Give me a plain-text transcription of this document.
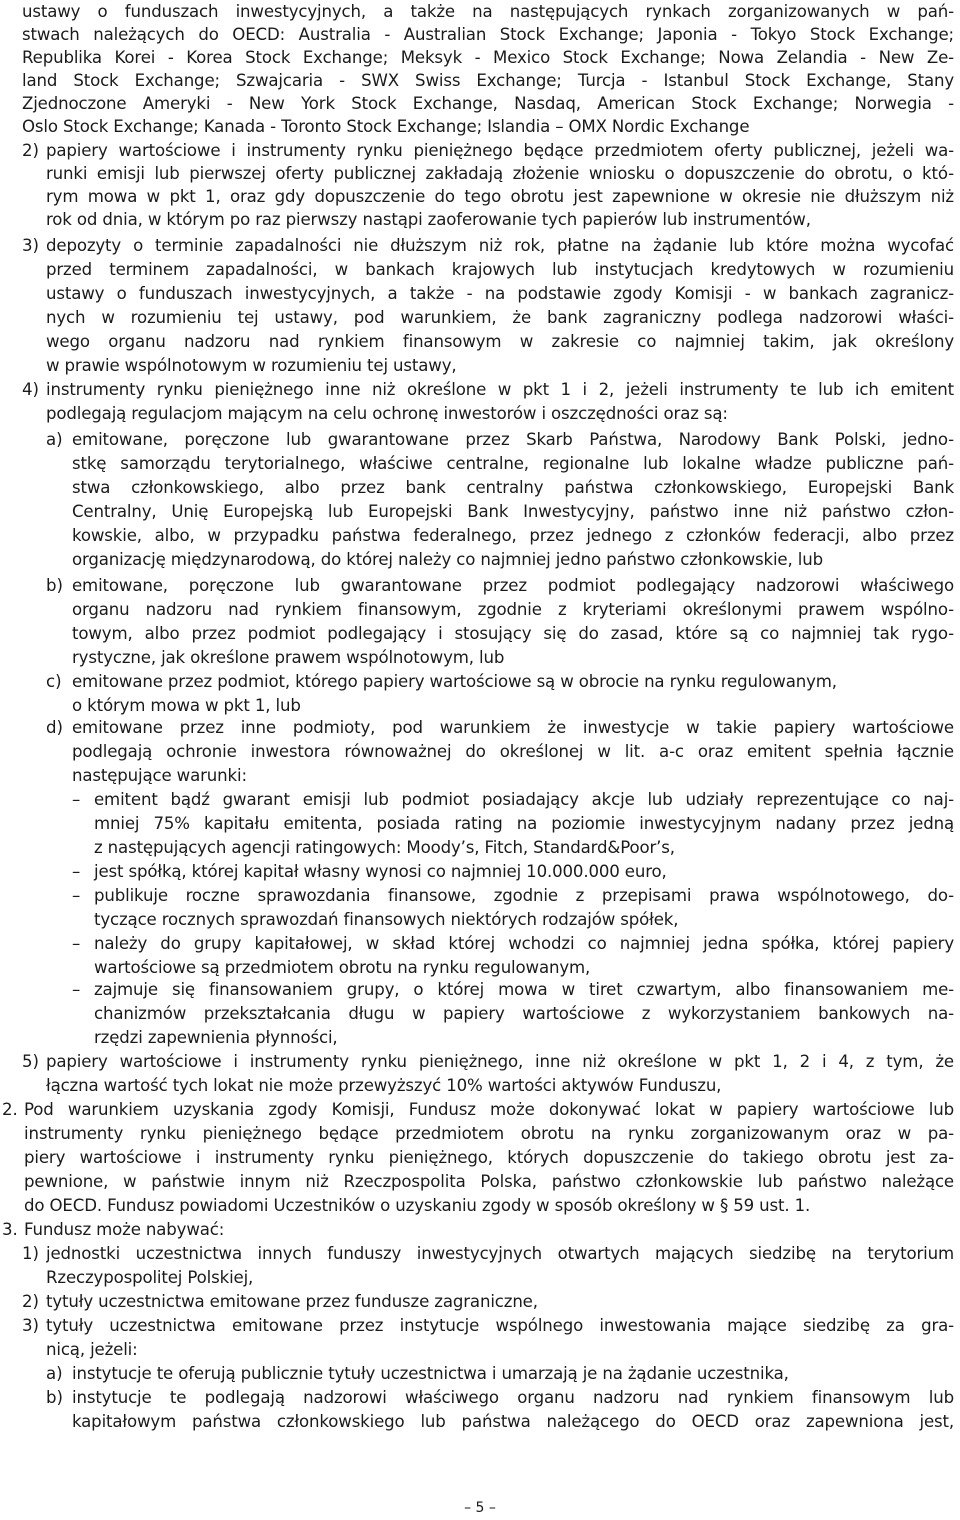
ustawy o funduszach inwestycyjnych, a także na następujących rynkach zorganizowanych w pań-
stwach należących do OECD: Australia - Australian Stock Exchange; Japonia - Tokyo Stock Exchange;
Republika Korei - Korea Stock Exchange; Meksyk - Mexico Stock Exchange; Nowa Zelandia - New Ze-
land Stock Exchange; Szwajcaria - SWX Swiss Exchange; Turcja - Istanbul Stock Exchange, Stany
Zjednoczone Ameryki - New York Stock Exchange, Nasdaq, American Stock Exchange; Norwegia -
Oslo Stock Exchange; Kanada - Toronto Stock Exchange; Islandia – OMX Nordic Exchange
2) papiery wartościowe i instrumenty rynku pieniężnego będące przedmiotem oferty publicznej, jeżeli wa-
runki emisji lub pierwszej oferty publicznej zakładają złożenie wniosku o dopuszczenie do obrotu, o któ-
rym mowa w pkt 1, oraz gdy dopuszczenie do tego obrotu jest zapewnione w okresie nie dłuższym niż
rok od dnia, w którym po raz pierwszy nastąpi zaoferowanie tych papierów lub instrumentów,
3) depozyty o terminie zapadalności nie dłuższym niż rok, płatne na żądanie lub które można wycofać
przed terminem zapadalności, w bankach krajowych lub instytucjach kredytowych w rozumieniu
ustawy o funduszach inwestycyjnych, a także - na podstawie zgody Komisji - w bankach zagranicz-
nych w rozumieniu tej ustawy, pod warunkiem, że bank zagraniczny podlega nadzorowi właści-
wego organu nadzoru nad rynkiem finansowym w zakresie co najmniej takim, jak określony
w prawie wspólnotowym w rozumieniu tej ustawy,
4) instrumenty rynku pieniężnego inne niż określone w pkt 1 i 2, jeżeli instrumenty te lub ich emitent
podlegają regulacjom mającym na celu ochronę inwestorów i oszczędności oraz są:
a) emitowane, poręczone lub gwarantowane przez Skarb Państwa, Narodowy Bank Polski, jedno-
stkę samorządu terytorialnego, właściwe centralne, regionalne lub lokalne władze publiczne pań-
stwa członkowskiego, albo przez bank centralny państwa członkowskiego, Europejski Bank
Centralny, Unię Europejską lub Europejski Bank Inwestycyjny, państwo inne niż państwo człon-
kowskie, albo, w przypadku państwa federalnego, przez jednego z członków federacji, albo przez
organizację międzynarodową, do której należy co najmniej jedno państwo członkowskie, lub
b) emitowane, poręczone lub gwarantowane przez podmiot podlegający nadzorowi właściwego
organu nadzoru nad rynkiem finansowym, zgodnie z kryteriami określonymi prawem wspólno-
towym, albo przez podmiot podlegający i stosujący się do zasad, które są co najmniej tak rygo-
rystyczne, jak określone prawem wspólnotowym, lub
c) emitowane przez podmiot, którego papiery wartościowe są w obrocie na rynku regulowanym,
o którym mowa w pkt 1, lub
d) emitowane przez inne podmioty, pod warunkiem że inwestycje w takie papiery wartościowe
podlegają ochronie inwestora równoważnej do określonej w lit. a-c oraz emitent spełnia łącznie
następujące warunki:
– emitent bądź gwarant emisji lub podmiot posiadający akcje lub udziały reprezentujące co naj-
mniej 75% kapitału emitenta, posiada rating na poziomie inwestycyjnym nadany przez jedną
z następujących agencji ratingowych: Moody’s, Fitch, Standard&Poor’s,
– jest spółką, której kapitał własny wynosi co najmniej 10.000.000 euro,
– publikuje roczne sprawozdania finansowe, zgodnie z przepisami prawa wspólnotowego, do-
tyczące rocznych sprawozdań finansowych niektórych rodzajów spółek,
– należy do grupy kapitałowej, w skład której wchodzi co najmniej jedna spółka, której papiery
wartościowe są przedmiotem obrotu na rynku regulowanym,
– zajmuje się finansowaniem grupy, o której mowa w tiret czwartym, albo finansowaniem me-
chanizmów przekształcania długu w papiery wartościowe z wykorzystaniem bankowych na-
rzędzi zapewnienia płynności,
5) papiery wartościowe i instrumenty rynku pieniężnego, inne niż określone w pkt 1, 2 i 4, z tym, że
łączna wartość tych lokat nie może przewyższyć 10% wartości aktywów Funduszu,
2. Pod warunkiem uzyskania zgody Komisji, Fundusz może dokonywać lokat w papiery wartościowe lub
instrumenty rynku pieniężnego będące przedmiotem obrotu na rynku zorganizowanym oraz w pa-
piery wartościowe i instrumenty rynku pieniężnego, których dopuszczenie do takiego obrotu jest za-
pewnione, w państwie innym niż Rzeczpospolita Polska, państwo członkowskie lub państwo należące
do OECD. Fundusz powiadomi Uczestników o uzyskaniu zgody w sposób określony w § 59 ust. 1.
3. Fundusz może nabywać:
1) jednostki uczestnictwa innych funduszy inwestycyjnych otwartych mających siedzibę na terytorium
Rzeczypospolitej Polskiej,
2) tytuły uczestnictwa emitowane przez fundusze zagraniczne,
3) tytuły uczestnictwa emitowane przez instytucje wspólnego inwestowania mające siedzibę za gra-
nicą, jeżeli:
a) instytucje te oferują publicznie tytuły uczestnictwa i umarzają je na żądanie uczestnika,
b) instytucje te podlegają nadzorowi właściwego organu nadzoru nad rynkiem finansowym lub
kapitałowym państwa członkowskiego lub państwa należącego do OECD oraz zapewniona jest,
– 5 –
